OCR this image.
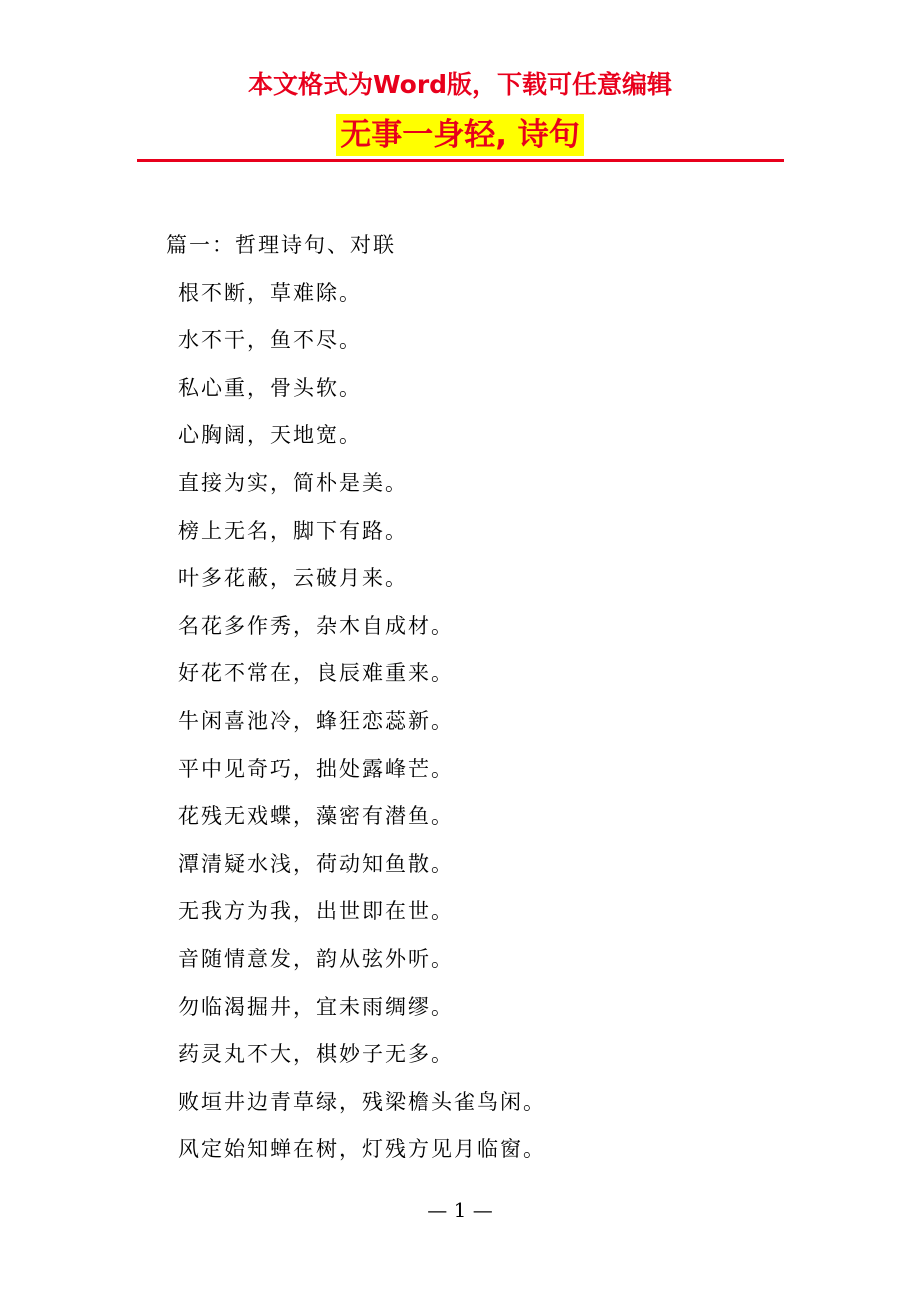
本文格式为Word版，下载可任意编辑
无事一身轻, 诗句
篇一：哲理诗句、对联
根不断，草难除。
水不干，鱼不尽。
私心重，骨头软。
心胸阔，天地宽。
直接为实，简朴是美。
榜上无名，脚下有路。
叶多花蔽，云破月来。
名花多作秀，杂木自成材。
好花不常在，良辰难重来。
牛闲喜池冷，蜂狂恋蕊新。
平中见奇巧，拙处露峰芒。
花残无戏蝶，藻密有潜鱼。
潭清疑水浅，荷动知鱼散。
无我方为我，出世即在世。
音随情意发，韵从弦外听。
勿临渴掘井，宜未雨绸缪。
药灵丸不大，棋妙子无多。
败垣井边青草绿，残梁檐头雀鸟闲。
风定始知蝉在树，灯残方见月临窗。
— 1 —
